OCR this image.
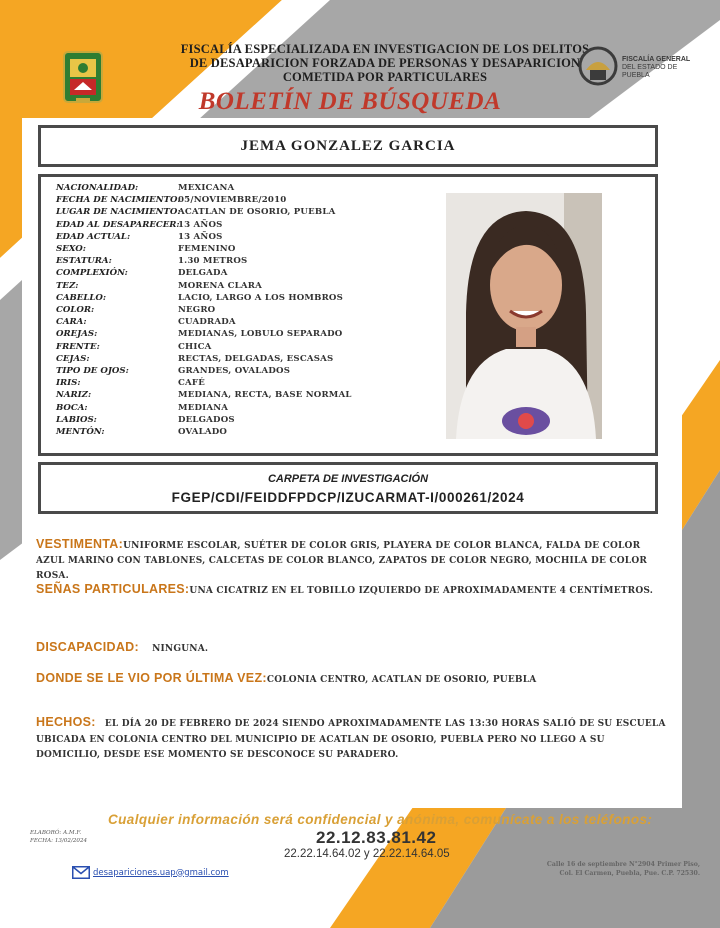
FISCALÍA ESPECIALIZADA EN INVESTIGACION DE LOS DELITOS
DE DESAPARICION FORZADA DE PERSONAS Y DESAPARICION
COMETIDA POR PARTICULARES
BOLETÍN DE BÚSQUEDA
FISCALÍA GENERAL
DEL ESTADO DE
PUEBLA
JEMA GONZALEZ GARCIA
NACIONALIDAD:	MEXICANA
FECHA DE NACIMIENTO:
05/NOVIEMBRE/2010
LUGAR DE NACIMIENTO:
ACATLAN DE OSORIO, PUEBLA
EDAD AL DESAPARECER:
13 AÑOS
EDAD ACTUAL:	13 AÑOS
SEXO:	FEMENINO
ESTATURA:	1.30 METROS
COMPLEXIÓN:	DELGADA
TEZ:	MORENA CLARA
CABELLO:	LACIO, LARGO A LOS HOMBROS
COLOR:	NEGRO
CARA:	CUADRADA
OREJAS:	MEDIANAS, LOBULO SEPARADO
FRENTE:	CHICA
CEJAS:	RECTAS, DELGADAS, ESCASAS
TIPO DE OJOS:	GRANDES, OVALADOS
IRIS:	CAFÉ
NARIZ:	MEDIANA, RECTA, BASE NORMAL
BOCA:	MEDIANA
LABIOS:	DELGADOS
MENTÓN:	OVALADO
CARPETA DE INVESTIGACIÓN
FGEP/CDI/FEIDDFPDCP/IZUCARMAT-I/000261/2024
VESTIMENTA:UNIFORME ESCOLAR, SUÉTER DE COLOR GRIS, PLAYERA DE COLOR BLANCA, FALDA DE COLOR AZUL MARINO CON TABLONES, CALCETAS DE COLOR BLANCO, ZAPATOS DE COLOR NEGRO, MOCHILA DE COLOR ROSA.
SEÑAS PARTICULARES:UNA CICATRIZ EN EL TOBILLO IZQUIERDO DE APROXIMADAMENTE 4 CENTÍMETROS.
DISCAPACIDAD: NINGUNA.
DONDE SE LE VIO POR ÚLTIMA VEZ:COLONIA CENTRO, ACATLAN DE OSORIO, PUEBLA
HECHOS: EL DÍA 20 DE FEBRERO DE 2024 SIENDO APROXIMADAMENTE LAS 13:30 HORAS SALIÓ DE SU ESCUELA UBICADA EN COLONIA CENTRO DEL MUNICIPIO DE ACATLAN DE OSORIO, PUEBLA PERO NO LLEGO A SU DOMICILIO, DESDE ESE MOMENTO SE DESCONOCE SU PARADERO.
Cualquier información será confidencial y anónima, comunícate a los teléfonos:
22.12.83.81.42
22.22.14.64.02 y 22.22.14.64.05
ELABORÓ: A.M.F.
FECHA: 13/02/2024
desapariciones.uap@gmail.com
Calle 16 de septiembre N°2904 Primer Piso,
Col. El Carmen, Puebla, Pue. C.P. 72530.
